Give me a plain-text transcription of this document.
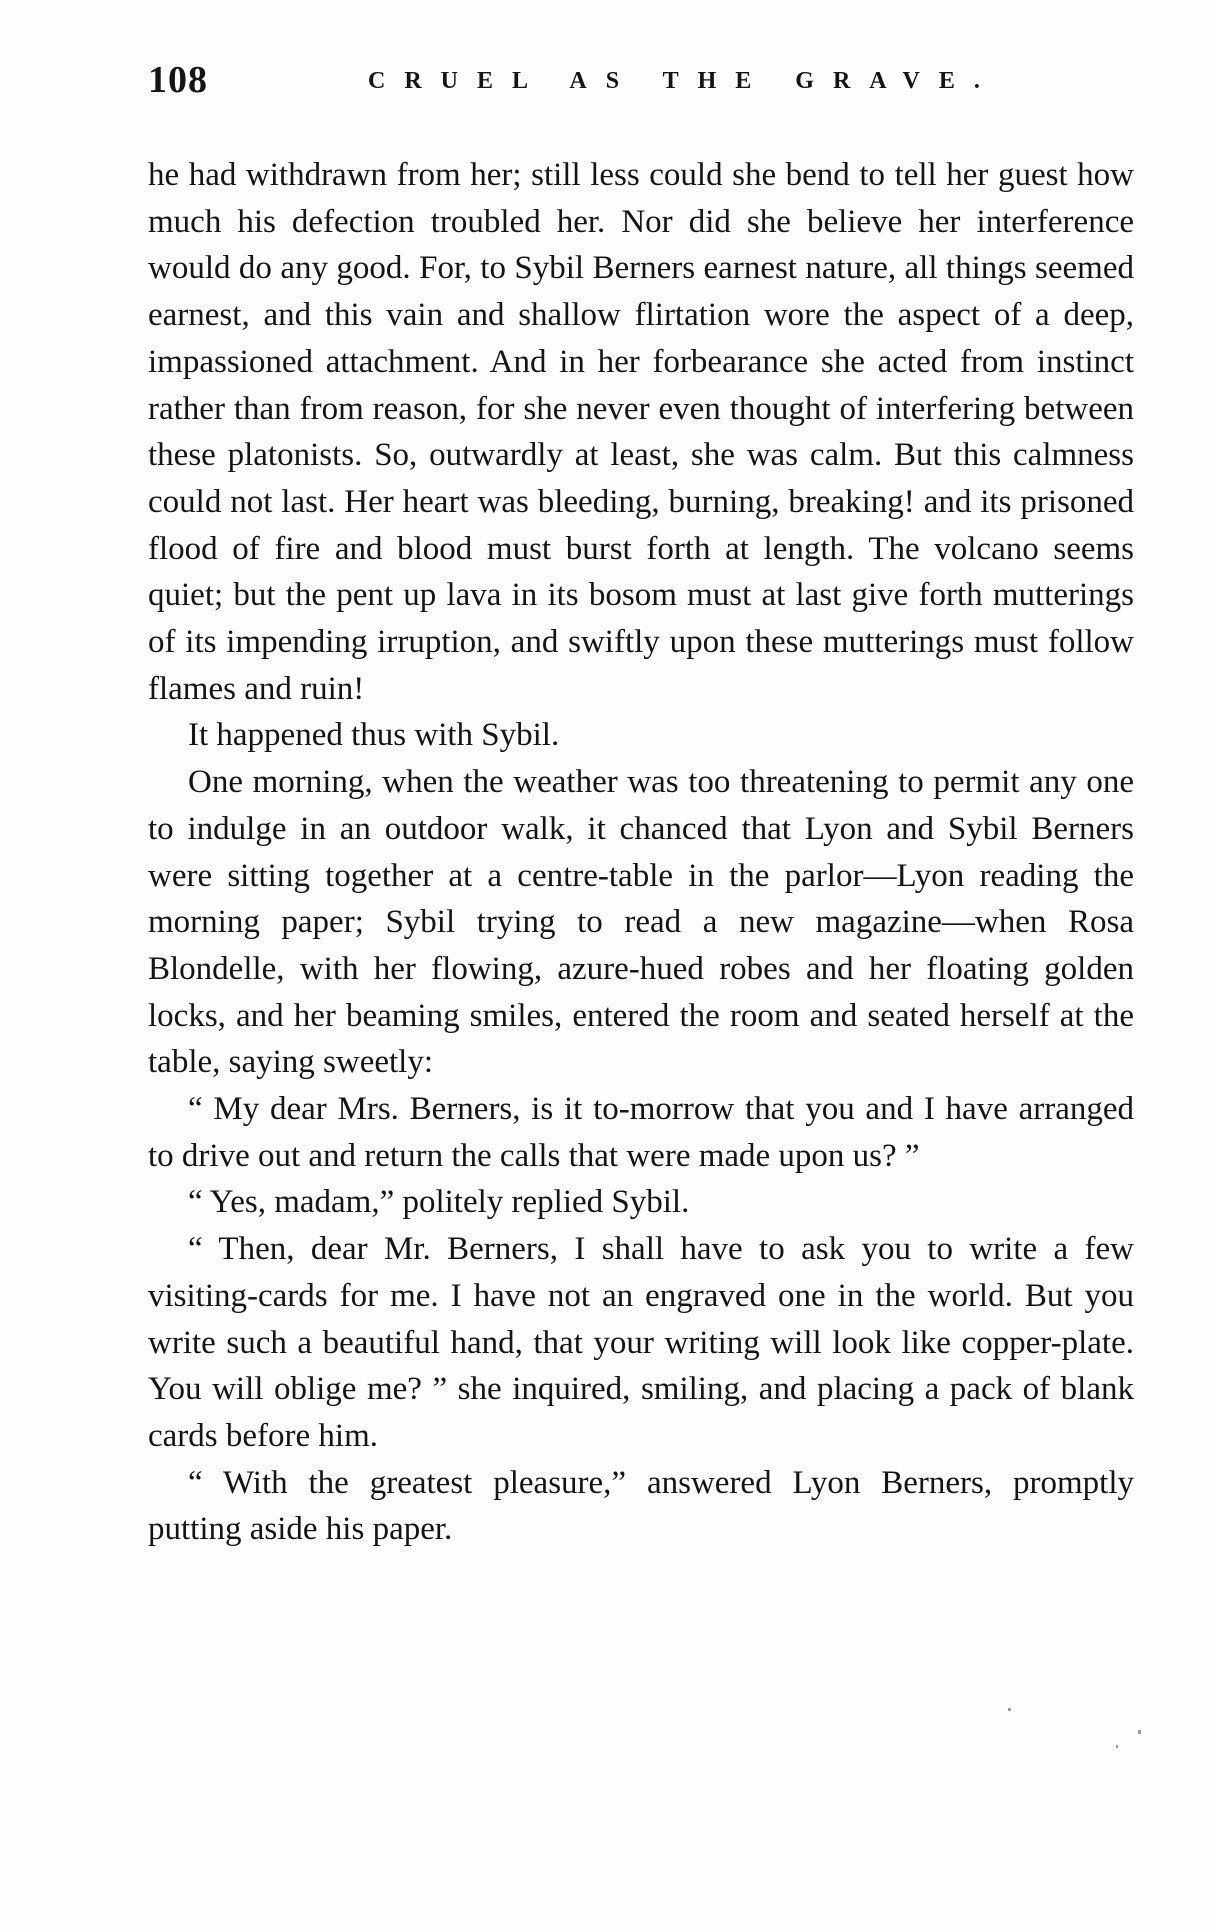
108	CRUEL AS THE GRAVE.

he had withdrawn from her; still less could she bend to tell her guest how much his defection troubled her. Nor did she believe her interference would do any good. For, to Sybil Berners earnest nature, all things seemed earnest, and this vain and shallow flirtation wore the aspect of a deep, impassioned attachment. And in her forbearance she acted from instinct rather than from reason, for she never even thought of interfering between these platonists. So, outwardly at least, she was calm. But this calmness could not last. Her heart was bleeding, burning, breaking! and its prisoned flood of fire and blood must burst forth at length. The volcano seems quiet; but the pent up lava in its bosom must at last give forth mutterings of its impending irruption, and swiftly upon these mutterings must follow flames and ruin!

It happened thus with Sybil.

One morning, when the weather was too threatening to permit any one to indulge in an outdoor walk, it chanced that Lyon and Sybil Berners were sitting together at a centre-table in the parlor—Lyon reading the morning paper; Sybil trying to read a new magazine—when Rosa Blondelle, with her flowing, azure-hued robes and her floating golden locks, and her beaming smiles, entered the room and seated herself at the table, saying sweetly:

“ My dear Mrs. Berners, is it to-morrow that you and I have arranged to drive out and return the calls that were made upon us? ”

“ Yes, madam,” politely replied Sybil.

“ Then, dear Mr. Berners, I shall have to ask you to write a few visiting-cards for me. I have not an engraved one in the world. But you write such a beautiful hand, that your writing will look like copper-plate. You will oblige me? ” she inquired, smiling, and placing a pack of blank cards before him.

“ With the greatest pleasure,” answered Lyon Berners, promptly putting aside his paper.
